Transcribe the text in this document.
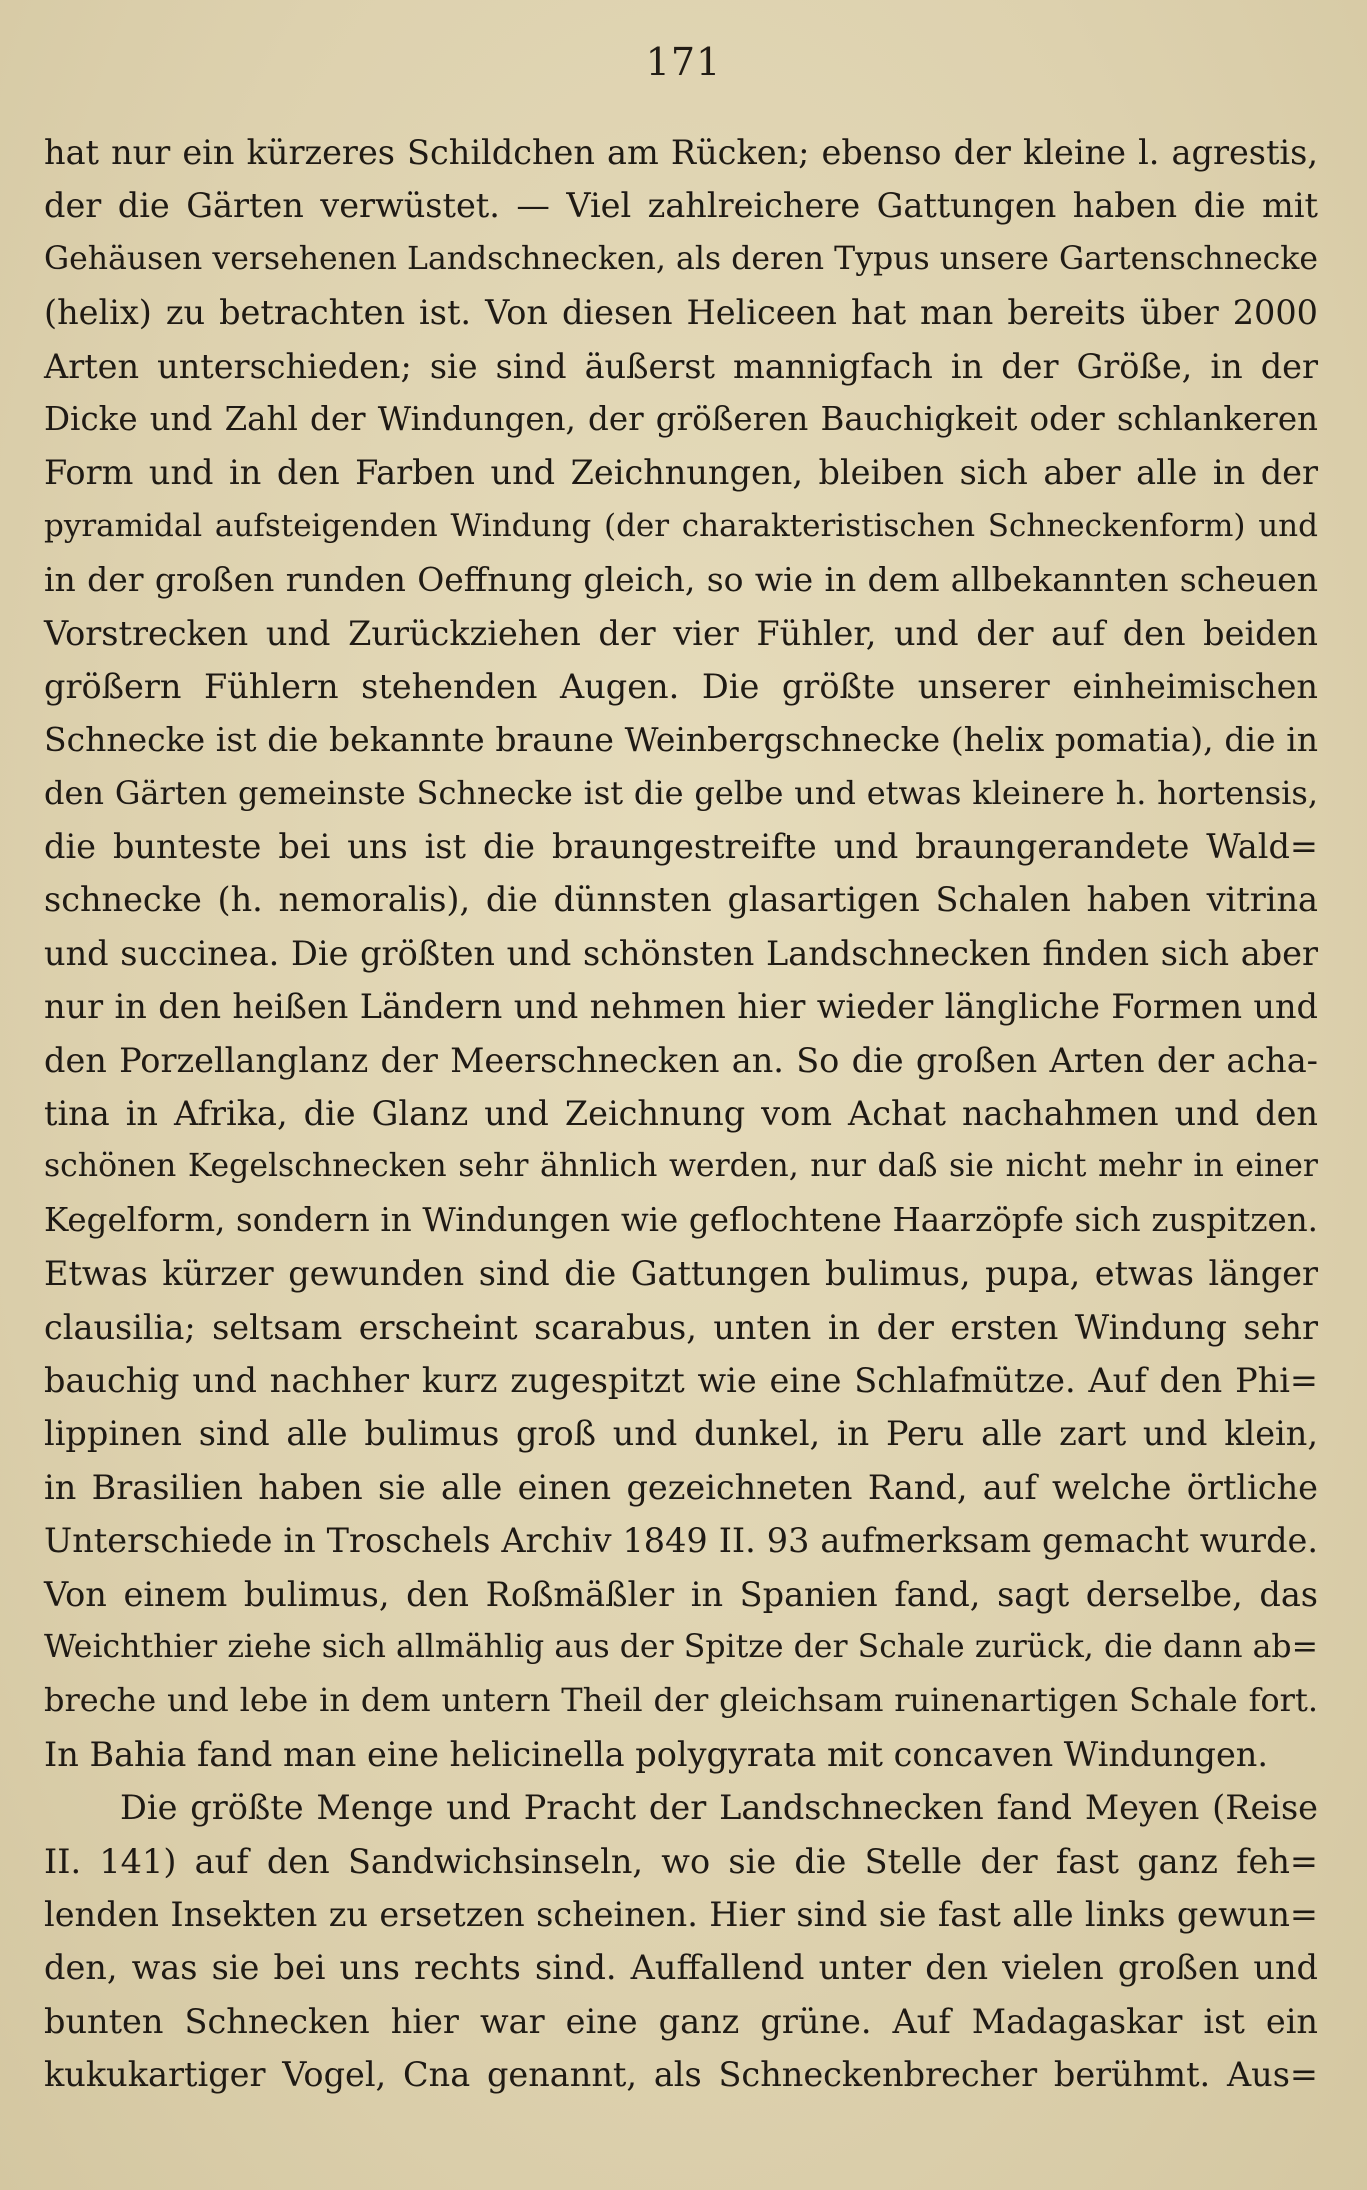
171
hat nur ein kürzeres Schildchen am Rücken; ebenso der kleine l. agrestis,
der die Gärten verwüstet. — Viel zahlreichere Gattungen haben die mit
Gehäusen versehenen Landschnecken, als deren Typus unsere Gartenschnecke
(helix) zu betrachten ist. Von diesen Heliceen hat man bereits über 2000
Arten unterschieden; sie sind äußerst mannigfach in der Größe, in der
Dicke und Zahl der Windungen, der größeren Bauchigkeit oder schlankeren
Form und in den Farben und Zeichnungen, bleiben sich aber alle in der
pyramidal aufsteigenden Windung (der charakteristischen Schneckenform) und
in der großen runden Oeffnung gleich, so wie in dem allbekannten scheuen
Vorstrecken und Zurückziehen der vier Fühler, und der auf den beiden
größern Fühlern stehenden Augen. Die größte unserer einheimischen
Schnecke ist die bekannte braune Weinbergschnecke (helix pomatia), die in
den Gärten gemeinste Schnecke ist die gelbe und etwas kleinere h. hortensis,
die bunteste bei uns ist die braungestreifte und braungerandete Wald=
schnecke (h. nemoralis), die dünnsten glasartigen Schalen haben vitrina
und succinea. Die größten und schönsten Landschnecken finden sich aber
nur in den heißen Ländern und nehmen hier wieder längliche Formen und
den Porzellanglanz der Meerschnecken an. So die großen Arten der acha-
tina in Afrika, die Glanz und Zeichnung vom Achat nachahmen und den
schönen Kegelschnecken sehr ähnlich werden, nur daß sie nicht mehr in einer
Kegelform, sondern in Windungen wie geflochtene Haarzöpfe sich zuspitzen.
Etwas kürzer gewunden sind die Gattungen bulimus, pupa, etwas länger
clausilia; seltsam erscheint scarabus, unten in der ersten Windung sehr
bauchig und nachher kurz zugespitzt wie eine Schlafmütze. Auf den Phi=
lippinen sind alle bulimus groß und dunkel, in Peru alle zart und klein,
in Brasilien haben sie alle einen gezeichneten Rand, auf welche örtliche
Unterschiede in Troschels Archiv 1849 II. 93 aufmerksam gemacht wurde.
Von einem bulimus, den Roßmäßler in Spanien fand, sagt derselbe, das
Weichthier ziehe sich allmählig aus der Spitze der Schale zurück, die dann ab=
breche und lebe in dem untern Theil der gleichsam ruinenartigen Schale fort.
In Bahia fand man eine helicinella polygyrata mit concaven Windungen.
Die größte Menge und Pracht der Landschnecken fand Meyen (Reise
II. 141) auf den Sandwichsinseln, wo sie die Stelle der fast ganz feh=
lenden Insekten zu ersetzen scheinen. Hier sind sie fast alle links gewun=
den, was sie bei uns rechts sind. Auffallend unter den vielen großen und
bunten Schnecken hier war eine ganz grüne. Auf Madagaskar ist ein
kukukartiger Vogel, Cna genannt, als Schneckenbrecher berühmt. Aus=
